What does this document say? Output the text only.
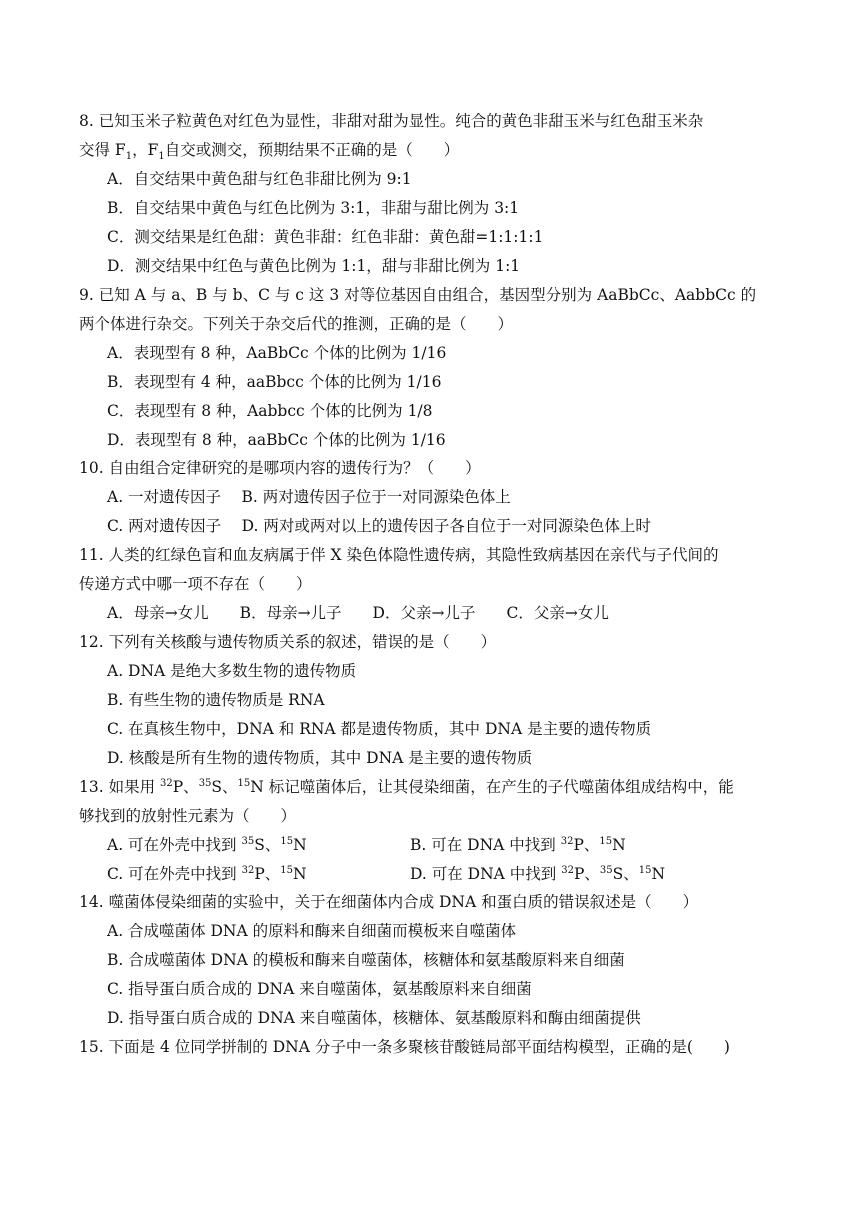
8. 已知玉米子粒黄色对红色为显性，非甜对甜为显性。纯合的黄色非甜玉米与红色甜玉米杂
交得 $F_1$，$F_1$自交或测交，预期结果不正确的是（　　）
A．自交结果中黄色甜与红色非甜比例为 9:1
B．自交结果中黄色与红色比例为 3:1，非甜与甜比例为 3:1
C．测交结果是红色甜：黄色非甜：红色非甜：黄色甜=1:1:1:1
D．测交结果中红色与黄色比例为 1:1，甜与非甜比例为 1:1
9. 已知 A 与 a、B 与 b、C 与 c 这 3 对等位基因自由组合，基因型分别为 AaBbCc、AabbCc 的
两个体进行杂交。下列关于杂交后代的推测，正确的是（　　）
A．表现型有 8 种，AaBbCc 个体的比例为 1/16
B．表现型有 4 种，aaBbcc 个体的比例为 1/16
C．表现型有 8 种，Aabbcc 个体的比例为 1/8
D．表现型有 8 种，aaBbCc 个体的比例为 1/16
10. 自由组合定律研究的是哪项内容的遗传行为？（　　）
A. 一对遗传因子　 B. 两对遗传因子位于一对同源染色体上
C. 两对遗传因子　 D. 两对或两对以上的遗传因子各自位于一对同源染色体上时
11. 人类的红绿色盲和血友病属于伴 X 染色体隐性遗传病，其隐性致病基因在亲代与子代间的
传递方式中哪一项不存在（　　）
A．母亲→女儿　　B．母亲→儿子　　D．父亲→儿子　　C．父亲→女儿
12. 下列有关核酸与遗传物质关系的叙述，错误的是（　　）
A. DNA 是绝大多数生物的遗传物质
B. 有些生物的遗传物质是 RNA
C. 在真核生物中，DNA 和 RNA 都是遗传物质，其中 DNA 是主要的遗传物质
D. 核酸是所有生物的遗传物质，其中 DNA 是主要的遗传物质
13. 如果用 $^{32}$P、$^{35}$S、$^{15}$N 标记噬菌体后，让其侵染细菌，在产生的子代噬菌体组成结构中，能
够找到的放射性元素为（　　）
A. 可在外壳中找到 $^{35}$S、$^{15}$N	B. 可在 DNA 中找到 $^{32}$P、$^{15}$N
C. 可在外壳中找到 $^{32}$P、$^{15}$N	D. 可在 DNA 中找到 $^{32}$P、$^{35}$S、$^{15}$N
14. 噬菌体侵染细菌的实验中，关于在细菌体内合成 DNA 和蛋白质的错误叙述是（　　）
A. 合成噬菌体 DNA 的原料和酶来自细菌而模板来自噬菌体
B. 合成噬菌体 DNA 的模板和酶来自噬菌体，核糖体和氨基酸原料来自细菌
C. 指导蛋白质合成的 DNA 来自噬菌体，氨基酸原料来自细菌
D. 指导蛋白质合成的 DNA 来自噬菌体，核糖体、氨基酸原料和酶由细菌提供
15. 下面是 4 位同学拼制的 DNA 分子中一条多聚核苷酸链局部平面结构模型，正确的是(　　)
